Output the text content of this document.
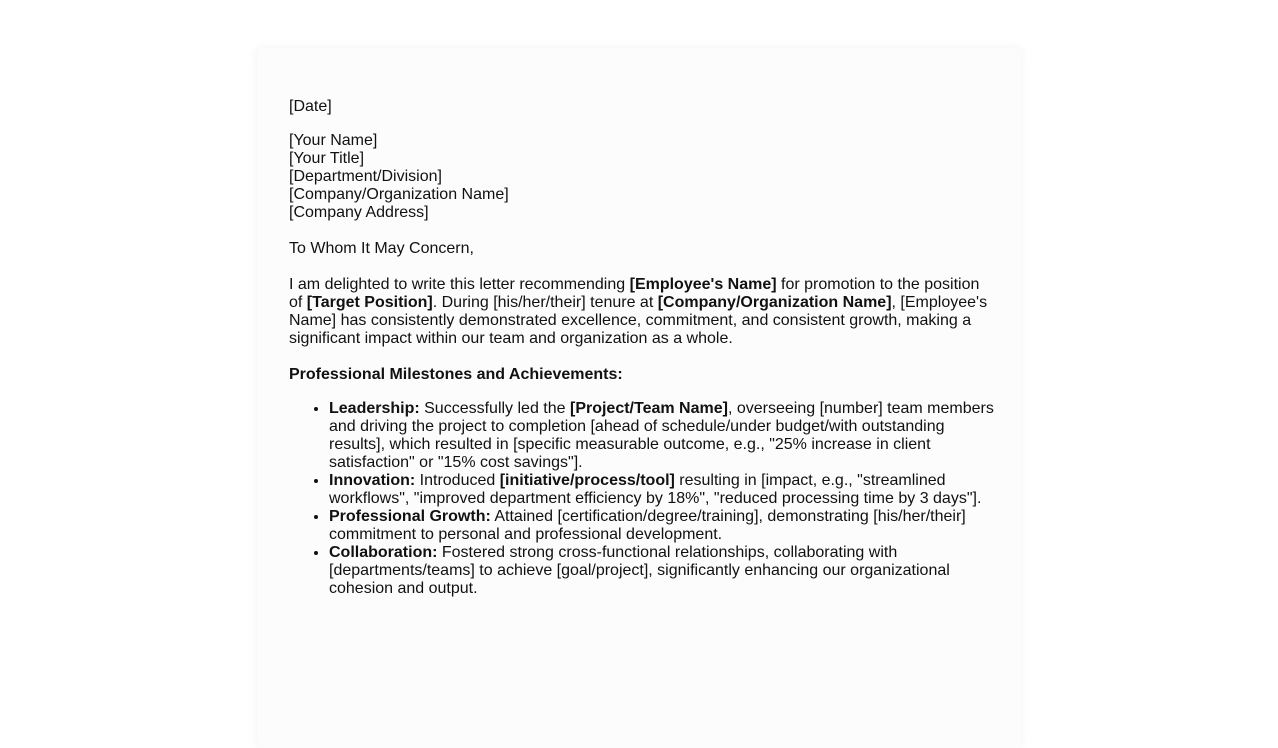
[Date]

[Your Name]
[Your Title]
[Department/Division]
[Company/Organization Name]
[Company Address]

To Whom It May Concern,

I am delighted to write this letter recommending [Employee's Name] for promotion to the position of [Target Position]. During [his/her/their] tenure at [Company/Organization Name], [Employee's Name] has consistently demonstrated excellence, commitment, and consistent growth, making a significant impact within our team and organization as a whole.

Professional Milestones and Achievements:

• Leadership: Successfully led the [Project/Team Name], overseeing [number] team members and driving the project to completion [ahead of schedule/under budget/with outstanding results], which resulted in [specific measurable outcome, e.g., "25% increase in client satisfaction" or "15% cost savings"].
• Innovation: Introduced [initiative/process/tool] resulting in [impact, e.g., "streamlined workflows", "improved department efficiency by 18%", "reduced processing time by 3 days"].
• Professional Growth: Attained [certification/degree/training], demonstrating [his/her/their] commitment to personal and professional development.
• Collaboration: Fostered strong cross-functional relationships, collaborating with [departments/teams] to achieve [goal/project], significantly enhancing our organizational cohesion and output.
